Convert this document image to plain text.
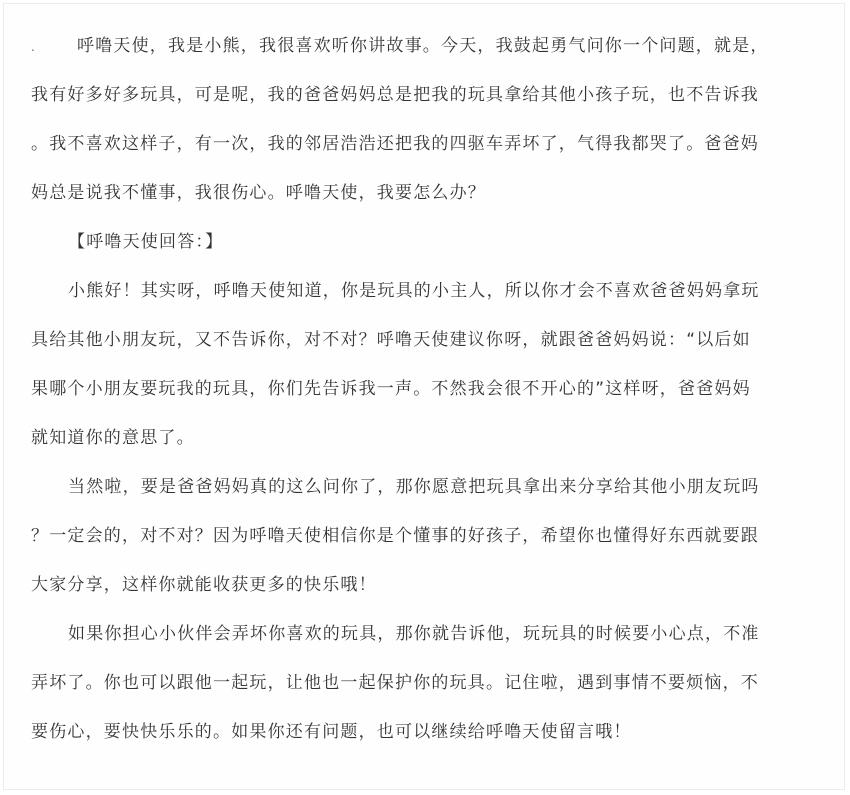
. 呼噜天使，我是小熊，我很喜欢听你讲故事。今天，我鼓起勇气问你一个问题，就是，
我有好多好多玩具，可是呢，我的爸爸妈妈总是把我的玩具拿给其他小孩子玩，也不告诉我
。我不喜欢这样子，有一次，我的邻居浩浩还把我的四驱车弄坏了，气得我都哭了。爸爸妈
妈总是说我不懂事，我很伤心。呼噜天使，我要怎么办？
【呼噜天使回答：】
小熊好！其实呀，呼噜天使知道，你是玩具的小主人，所以你才会不喜欢爸爸妈妈拿玩
具给其他小朋友玩，又不告诉你，对不对？呼噜天使建议你呀，就跟爸爸妈妈说：“以后如
果哪个小朋友要玩我的玩具，你们先告诉我一声。不然我会很不开心的”这样呀，爸爸妈妈
就知道你的意思了。
当然啦，要是爸爸妈妈真的这么问你了，那你愿意把玩具拿出来分享给其他小朋友玩吗
？一定会的，对不对？因为呼噜天使相信你是个懂事的好孩子，希望你也懂得好东西就要跟
大家分享，这样你就能收获更多的快乐哦！
如果你担心小伙伴会弄坏你喜欢的玩具，那你就告诉他，玩玩具的时候要小心点，不准
弄坏了。你也可以跟他一起玩，让他也一起保护你的玩具。记住啦，遇到事情不要烦恼，不
要伤心，要快快乐乐的。如果你还有问题，也可以继续给呼噜天使留言哦！
